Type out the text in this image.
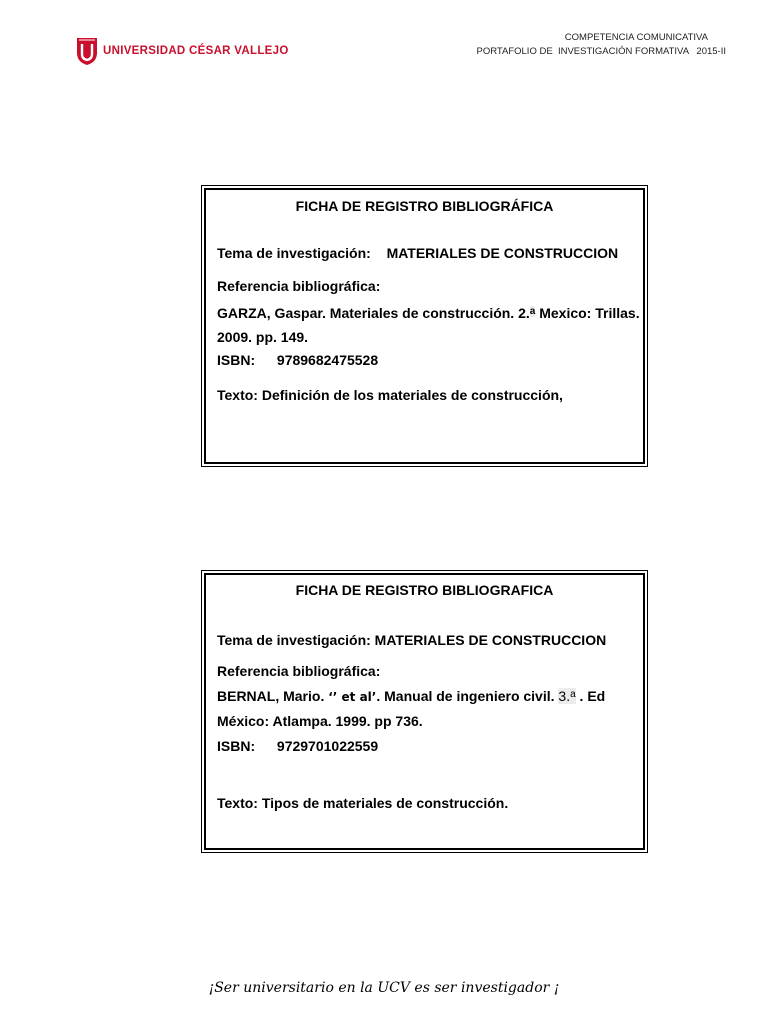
UNIVERSIDAD CÉSAR VALLEJO
COMPETENCIA COMUNICATIVA
PORTAFOLIO DE  INVESTIGACIÓN FORMATIVA   2015-II
FICHA DE REGISTRO BIBLIOGRÁFICA
Tema de investigación: MATERIALES DE CONSTRUCCION
Referencia bibliográfica:
GARZA, Gaspar. Materiales de construcción. 2.$^a$ Mexico: Trillas.
2009. pp. 149.
ISBN: 9789682475528
Texto: Definición de los materiales de construcción,
FICHA DE REGISTRO BIBLIOGRAFICA
Tema de investigación: MATERIALES DE CONSTRUCCION
Referencia bibliográfica:
BERNAL, Mario. ‘’ et al’. Manual de ingeniero civil. 3.$^a$ . Ed
México: Atlampa. 1999. pp 736.
ISBN: 9729701022559
Texto: Tipos de materiales de construcción.
¡Ser universitario en la UCV es ser investigador ¡
